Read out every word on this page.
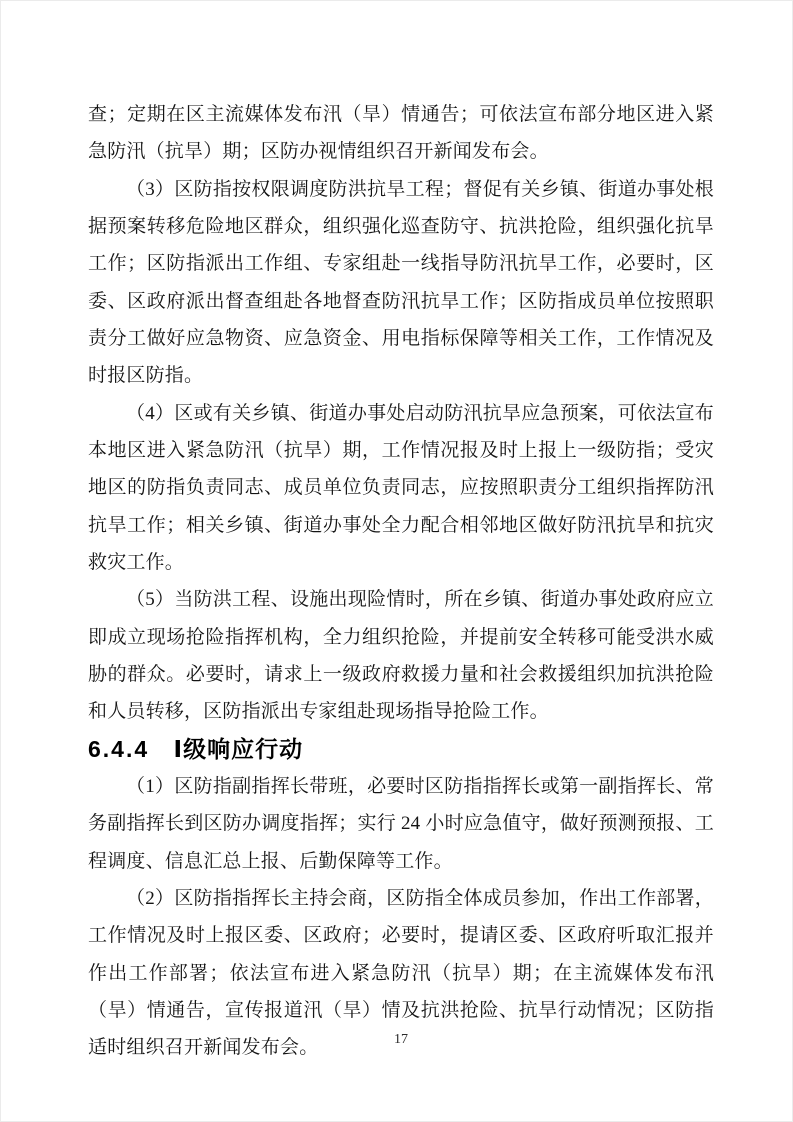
查；定期在区主流媒体发布汛（旱）情通告；可依法宣布部分地区进入紧急防汛（抗旱）期；区防办视情组织召开新闻发布会。

（3）区防指按权限调度防洪抗旱工程；督促有关乡镇、街道办事处根据预案转移危险地区群众，组织强化巡查防守、抗洪抢险，组织强化抗旱工作；区防指派出工作组、专家组赴一线指导防汛抗旱工作，必要时，区委、区政府派出督查组赴各地督查防汛抗旱工作；区防指成员单位按照职责分工做好应急物资、应急资金、用电指标保障等相关工作，工作情况及时报区防指。

（4）区或有关乡镇、街道办事处启动防汛抗旱应急预案，可依法宣布本地区进入紧急防汛（抗旱）期，工作情况报及时上报上一级防指；受灾地区的防指负责同志、成员单位负责同志，应按照职责分工组织指挥防汛抗旱工作；相关乡镇、街道办事处全力配合相邻地区做好防汛抗旱和抗灾救灾工作。

（5）当防洪工程、设施出现险情时，所在乡镇、街道办事处政府应立即成立现场抢险指挥机构，全力组织抢险，并提前安全转移可能受洪水威胁的群众。必要时，请求上一级政府救援力量和社会救援组织加抗洪抢险和人员转移，区防指派出专家组赴现场指导抢险工作。

6.4.4 Ⅰ级响应行动

（1）区防指副指挥长带班，必要时区防指指挥长或第一副指挥长、常务副指挥长到区防办调度指挥；实行 24 小时应急值守，做好预测预报、工程调度、信息汇总上报、后勤保障等工作。

（2）区防指指挥长主持会商，区防指全体成员参加，作出工作部署，工作情况及时上报区委、区政府；必要时，提请区委、区政府听取汇报并作出工作部署；依法宣布进入紧急防汛（抗旱）期；在主流媒体发布汛（旱）情通告，宣传报道汛（旱）情及抗洪抢险、抗旱行动情况；区防指适时组织召开新闻发布会。	17
